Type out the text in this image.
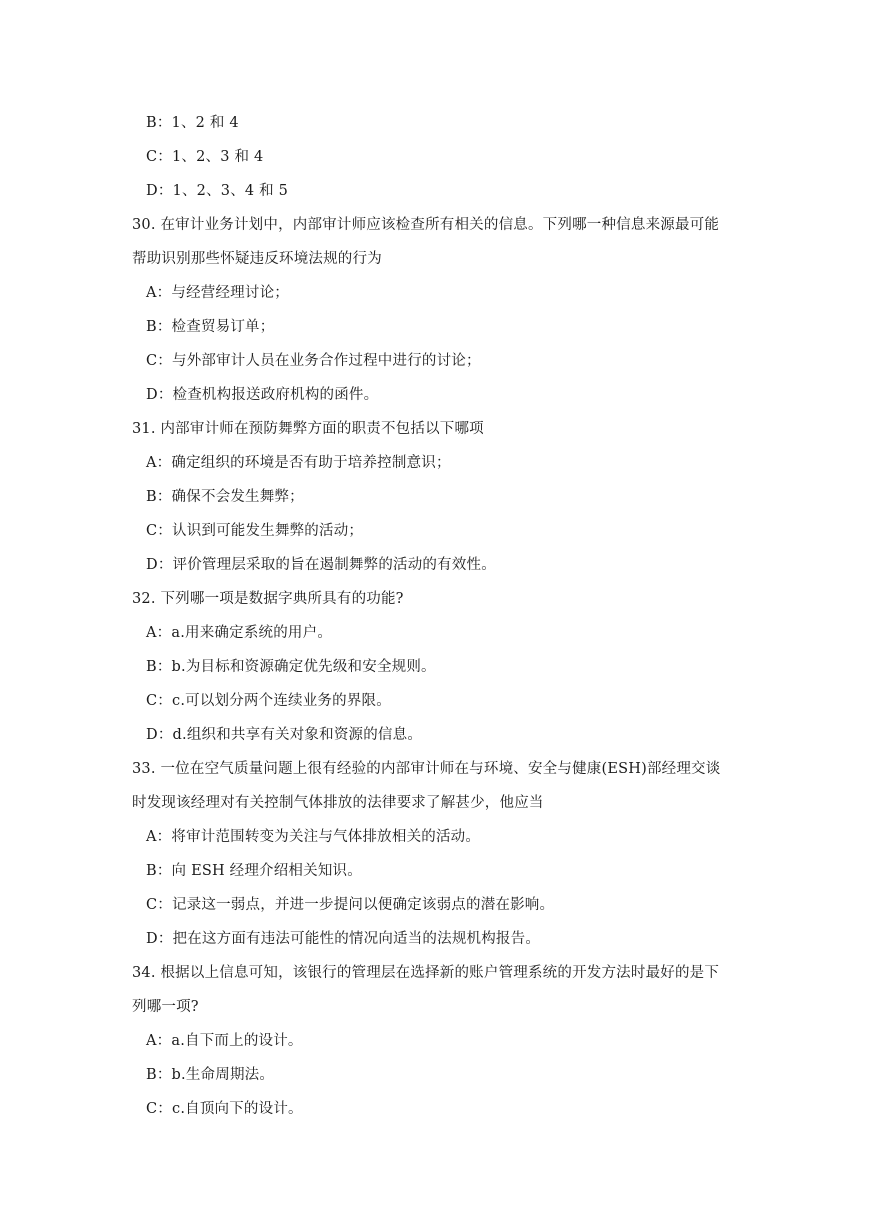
B：1、2 和 4
C：1、2、3 和 4
D：1、2、3、4 和 5
30. 在审计业务计划中，内部审计师应该检查所有相关的信息。下列哪一种信息来源最可能
帮助识别那些怀疑违反环境法规的行为
A：与经营经理讨论；
B：检查贸易订单；
C：与外部审计人员在业务合作过程中进行的讨论；
D：检查机构报送政府机构的函件。
31. 内部审计师在预防舞弊方面的职责不包括以下哪项
A：确定组织的环境是否有助于培养控制意识；
B：确保不会发生舞弊；
C：认识到可能发生舞弊的活动；
D：评价管理层采取的旨在遏制舞弊的活动的有效性。
32. 下列哪一项是数据字典所具有的功能?
A：a.用来确定系统的用户。
B：b.为目标和资源确定优先级和安全规则。
C：c.可以划分两个连续业务的界限。
D：d.组织和共享有关对象和资源的信息。
33. 一位在空气质量问题上很有经验的内部审计师在与环境、安全与健康(ESH)部经理交谈
时发现该经理对有关控制气体排放的法律要求了解甚少，他应当
A：将审计范围转变为关注与气体排放相关的活动。
B：向 ESH 经理介绍相关知识。
C：记录这一弱点，并进一步提问以便确定该弱点的潜在影响。
D：把在这方面有违法可能性的情况向适当的法规机构报告。
34. 根据以上信息可知，该银行的管理层在选择新的账户管理系统的开发方法时最好的是下
列哪一项?
A：a.自下而上的设计。
B：b.生命周期法。
C：c.自顶向下的设计。
